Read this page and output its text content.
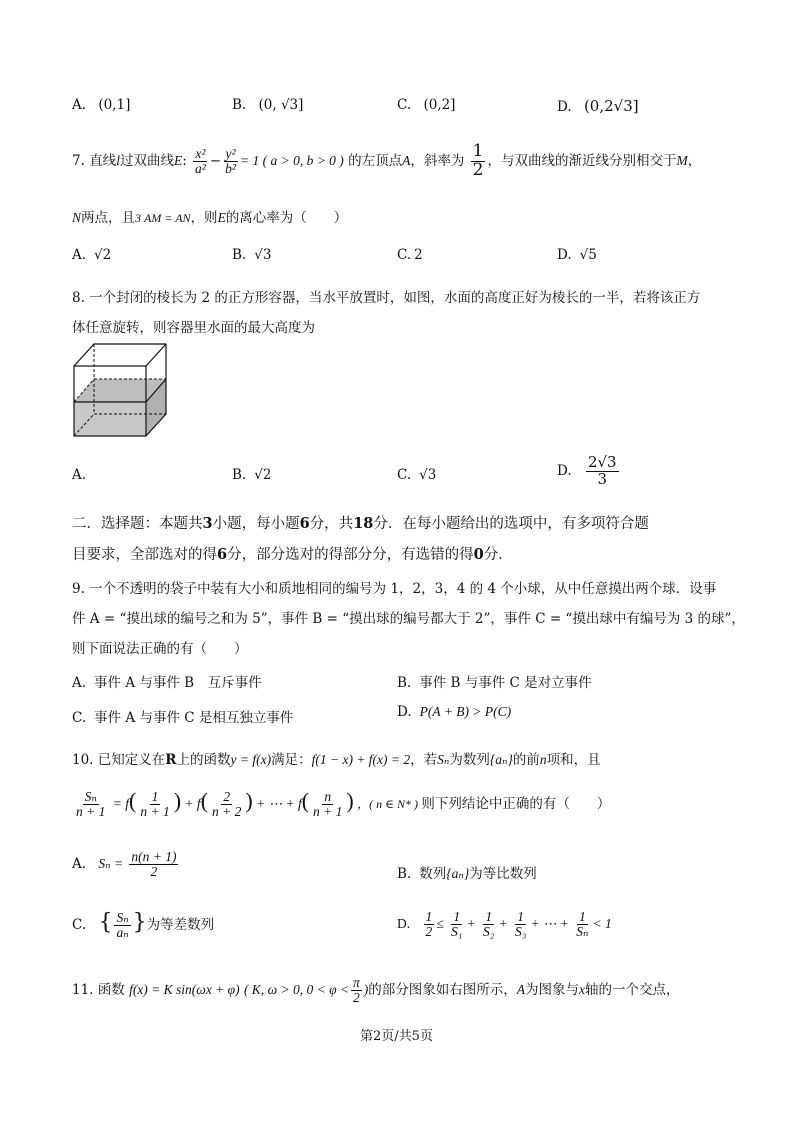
A. (0,1]	B. (0, √3]	C. (0,2]	D. (0,2√3]
7. 直线l过双曲线E: $\frac{\text{x²}}{\text{a²}} - \frac{\text{y²}}{\text{b²}} = 1$ ( a > 0, b > 0 ) 的左顶点A，斜率为 $\frac{1}{2}$ ，与双曲线的渐近线分别相交于M，
N两点，且3 AM = AN，则E的离心率为（　　）
A. √2	B. √3	C. 2	D. √5
8. 一个封闭的棱长为 2 的正方形容器，当水平放置时，如图，水面的高度正好为棱长的一半，若将该正方
体任意旋转，则容器里水面的最大高度为
A.	B. √2	C. √3	D. $\frac{2√3}{3}$
二．选择题：本题共3小题，每小题6分，共18分．在每小题给出的选项中，有多项符合题
目要求，全部选对的得6分，部分选对的得部分分，有选错的得0分．
9. 一个不透明的袋子中装有大小和质地相同的编号为 1，2，3，4 的 4 个小球，从中任意摸出两个球．设事
件 A = “摸出球的编号之和为 5”，事件 B = “摸出球的编号都大于 2”，事件 C = “摸出球中有编号为 3 的球”，
则下面说法正确的有（　　）
A. 事件 A 与事件 B　互斥事件	B. 事件 B 与事件 C 是对立事件
C. 事件 A 与事件 C 是相互独立事件	D. P(A + B) > P(C)
10. 已知定义在R上的函数y = f(x)满足：f(1 − x) + f(x) = 2，若Sₙ为数列{aₙ}的前n项和，且
$\frac{\text{Sₙ}}{n + 1} = f( \frac{1}{n + 1}$ ) + $f( \frac{2}{n + 2}$ ) + ⋯ + $f( \frac{n}{n + 1}$ ) ，( n ∈ N* ) 则下列结论中正确的有（　　）
A. $S_n = \frac{n(n + 1)}{2}$	B. 数列{aₙ}为等比数列
C. { $\frac{\text{Sₙ}}{\text{aₙ}}$ }为等差数列	D. $\frac{1}{2} \le \frac{1}{\text{S₁}} + \frac{1}{\text{S₂}} + \frac{1}{\text{S₃}}$ + ⋯ + $\frac{1}{\text{Sₙ}} < 1$
11. 函数 f(x) = K sin(ωx + φ) ( K, ω > 0, $0 < \varphi < \frac{\pi}{2}$ )的部分图象如右图所示，A为图象与x轴的一个交点，
第2页/共5页
